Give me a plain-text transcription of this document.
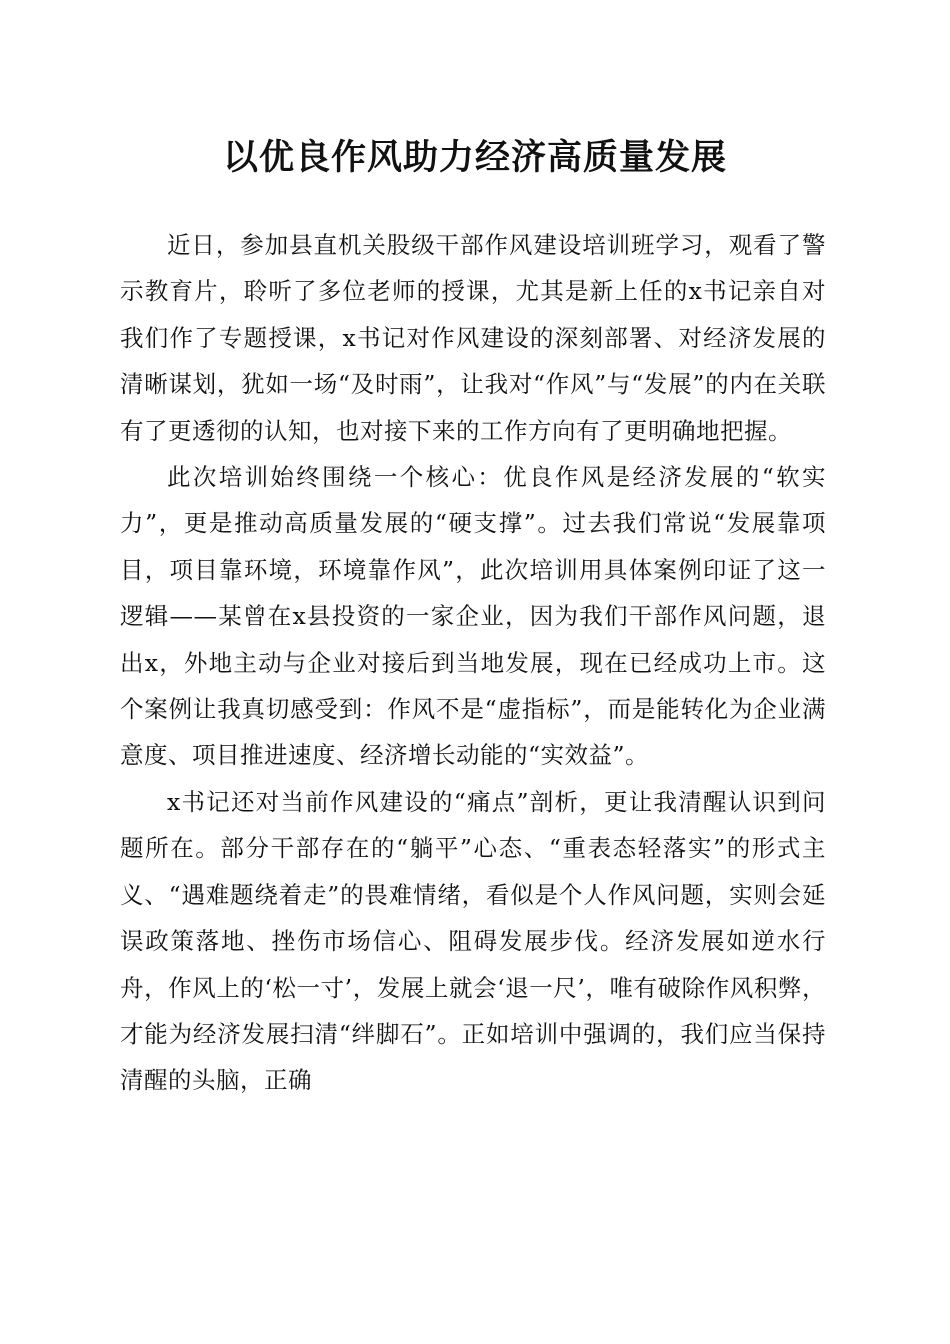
以优良作风助力经济高质量发展

近日，参加县直机关股级干部作风建设培训班学习，观看了警示教育片，聆听了多位老师的授课，尤其是新上任的x书记亲自对我们作了专题授课，x书记对作风建设的深刻部署、对经济发展的清晰谋划，犹如一场“及时雨”，让我对“作风”与“发展”的内在关联有了更透彻的认知，也对接下来的工作方向有了更明确地把握。

此次培训始终围绕一个核心：优良作风是经济发展的“软实力”，更是推动高质量发展的“硬支撑”。过去我们常说“发展靠项目，项目靠环境，环境靠作风”，此次培训用具体案例印证了这一逻辑——某曾在x县投资的一家企业，因为我们干部作风问题，退出x，外地主动与企业对接后到当地发展，现在已经成功上市。这个案例让我真切感受到：作风不是“虚指标”，而是能转化为企业满意度、项目推进速度、经济增长动能的“实效益”。

x书记还对当前作风建设的“痛点”剖析，更让我清醒认识到问题所在。部分干部存在的“躺平”心态、“重表态轻落实”的形式主义、“遇难题绕着走”的畏难情绪，看似是个人作风问题，实则会延误政策落地、挫伤市场信心、阻碍发展步伐。经济发展如逆水行舟，作风上的‘松一寸’，发展上就会‘退一尺’，唯有破除作风积弊，才能为经济发展扫清“绊脚石”。正如培训中强调的，我们应当保持清醒的头脑，正确
